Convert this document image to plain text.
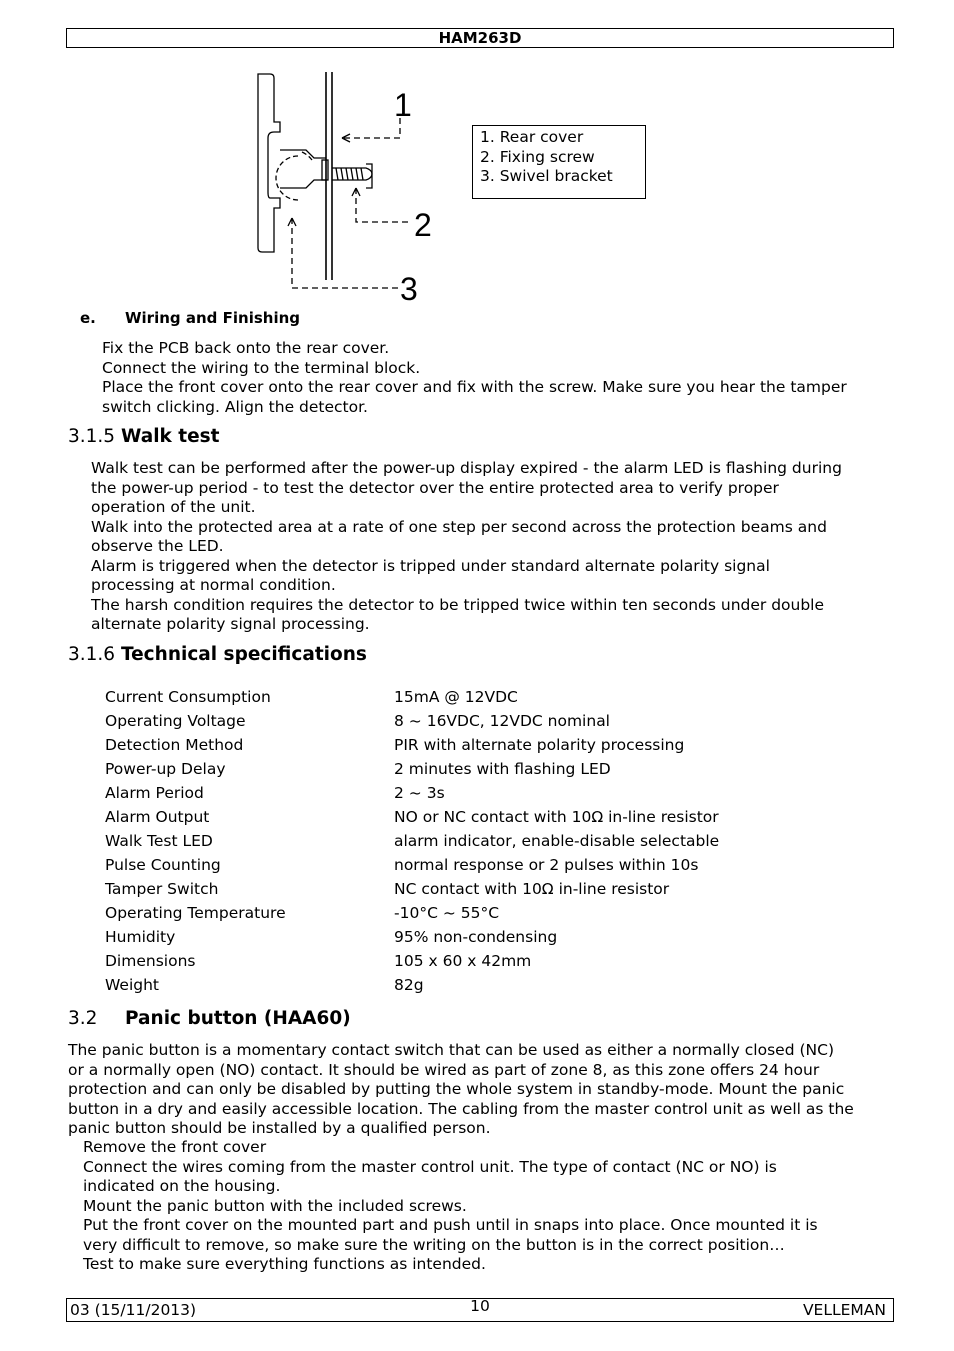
HAM263D
1
2
3
1. Rear cover
2. Fixing screw
3. Swivel bracket
e. Wiring and Finishing
Fix the PCB back onto the rear cover.
Connect the wiring to the terminal block.
Place the front cover onto the rear cover and fix with the screw. Make sure you hear the tamper
switch clicking. Align the detector.
3.1.5 Walk test
Walk test can be performed after the power-up display expired - the alarm LED is flashing during
the power-up period - to test the detector over the entire protected area to verify proper
operation of the unit.
Walk into the protected area at a rate of one step per second across the protection beams and
observe the LED.
Alarm is triggered when the detector is tripped under standard alternate polarity signal
processing at normal condition.
The harsh condition requires the detector to be tripped twice within ten seconds under double
alternate polarity signal processing.
3.1.6 Technical specifications
Current Consumption	15mA @ 12VDC
Operating Voltage	8 ~ 16VDC, 12VDC nominal
Detection Method	PIR with alternate polarity processing
Power-up Delay	2 minutes with flashing LED
Alarm Period	2 ~ 3s
Alarm Output	NO or NC contact with 10Ω in-line resistor
Walk Test LED	alarm indicator, enable-disable selectable
Pulse Counting	normal response or 2 pulses within 10s
Tamper Switch	NC contact with 10Ω in-line resistor
Operating Temperature	-10°C ~ 55°C
Humidity	95% non-condensing
Dimensions	105 x 60 x 42mm
Weight	82g
3.2 Panic button (HAA60)
The panic button is a momentary contact switch that can be used as either a normally closed (NC)
or a normally open (NO) contact. It should be wired as part of zone 8, as this zone offers 24 hour
protection and can only be disabled by putting the whole system in standby-mode. Mount the panic
button in a dry and easily accessible location. The cabling from the master control unit as well as the
panic button should be installed by a qualified person.
Remove the front cover
Connect the wires coming from the master control unit. The type of contact (NC or NO) is
indicated on the housing.
Mount the panic button with the included screws.
Put the front cover on the mounted part and push until in snaps into place. Once mounted it is
very difficult to remove, so make sure the writing on the button is in the correct position…
Test to make sure everything functions as intended.
03 (15/11/2013)	10	VELLEMAN
